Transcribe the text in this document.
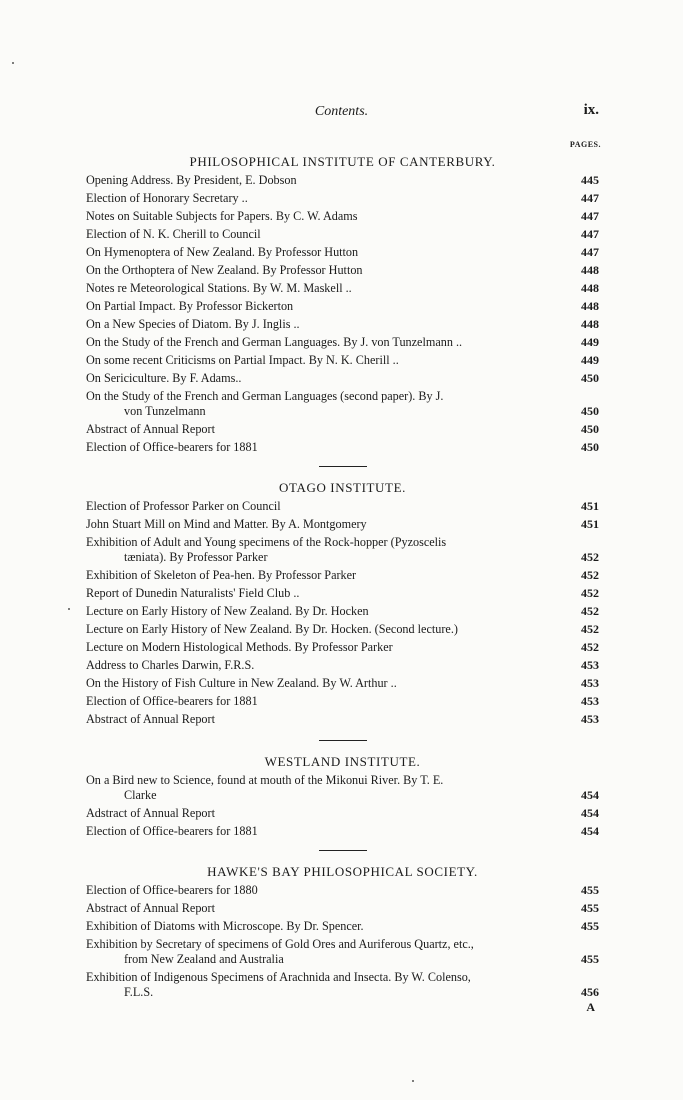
Contents.	ix.
PAGES.
PHILOSOPHICAL INSTITUTE OF CANTERBURY.
Opening Address. By President, E. Dobson	445
Election of Honorary Secretary ..	447
Notes on Suitable Subjects for Papers. By C. W. Adams	447
Election of N. K. Cherill to Council	447
On Hymenoptera of New Zealand. By Professor Hutton	447
On the Orthoptera of New Zealand. By Professor Hutton	448
Notes re Meteorological Stations. By W. M. Maskell ..	448
On Partial Impact. By Professor Bickerton	448
On a New Species of Diatom. By J. Inglis ..	448
On the Study of the French and German Languages. By J. von Tunzelmann ..	449
On some recent Criticisms on Partial Impact. By N. K. Cherill ..	449
On Sericiculture. By F. Adams..	450
On the Study of the French and German Languages (second paper). By J.
von Tunzelmann	450
Abstract of Annual Report	450
Election of Office-bearers for 1881	450
OTAGO INSTITUTE.
Election of Professor Parker on Council	451
John Stuart Mill on Mind and Matter. By A. Montgomery	451
Exhibition of Adult and Young specimens of the Rock-hopper (Pyzoscelis
tæniata). By Professor Parker	452
Exhibition of Skeleton of Pea-hen. By Professor Parker	452
Report of Dunedin Naturalists' Field Club ..	452
Lecture on Early History of New Zealand. By Dr. Hocken	452
Lecture on Early History of New Zealand. By Dr. Hocken. (Second lecture.)	452
Lecture on Modern Histological Methods. By Professor Parker	452
Address to Charles Darwin, F.R.S.	453
On the History of Fish Culture in New Zealand. By W. Arthur ..	453
Election of Office-bearers for 1881	453
Abstract of Annual Report	453
WESTLAND INSTITUTE.
On a Bird new to Science, found at mouth of the Mikonui River. By T. E.
Clarke	454
Adstract of Annual Report	454
Election of Office-bearers for 1881	454
HAWKE'S BAY PHILOSOPHICAL SOCIETY.
Election of Office-bearers for 1880	455
Abstract of Annual Report	455
Exhibition of Diatoms with Microscope. By Dr. Spencer.	455
Exhibition by Secretary of specimens of Gold Ores and Auriferous Quartz, etc.,
from New Zealand and Australia	455
Exhibition of Indigenous Specimens of Arachnida and Insecta. By W. Colenso,
F.L.S.	456
A
